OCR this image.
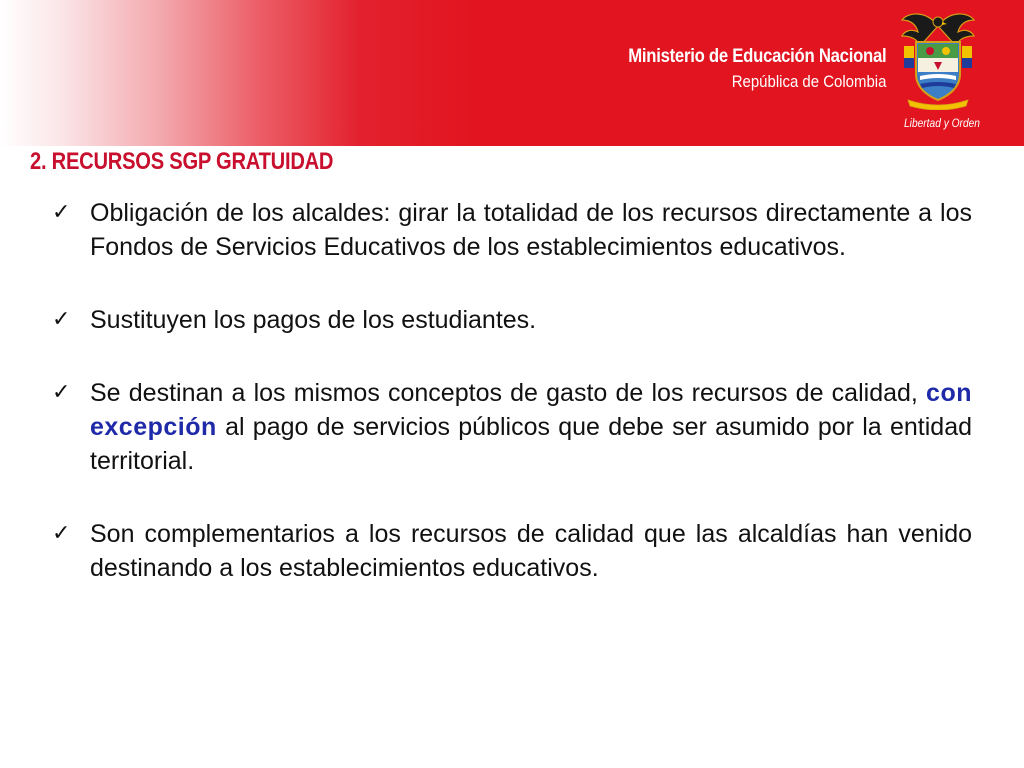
Ministerio de Educación Nacional
República de Colombia
Libertad y Orden
2. RECURSOS SGP GRATUIDAD
✓ Obligación de los alcaldes: girar la totalidad de los recursos directamente a los Fondos de Servicios Educativos de los establecimientos educativos.
✓ Sustituyen los pagos de los estudiantes.
✓ Se destinan a los mismos conceptos de gasto de los recursos de calidad, con excepción al pago de servicios públicos que debe ser asumido por la entidad territorial.
✓ Son complementarios a los recursos de calidad que las alcaldías han venido destinando a los establecimientos educativos.
